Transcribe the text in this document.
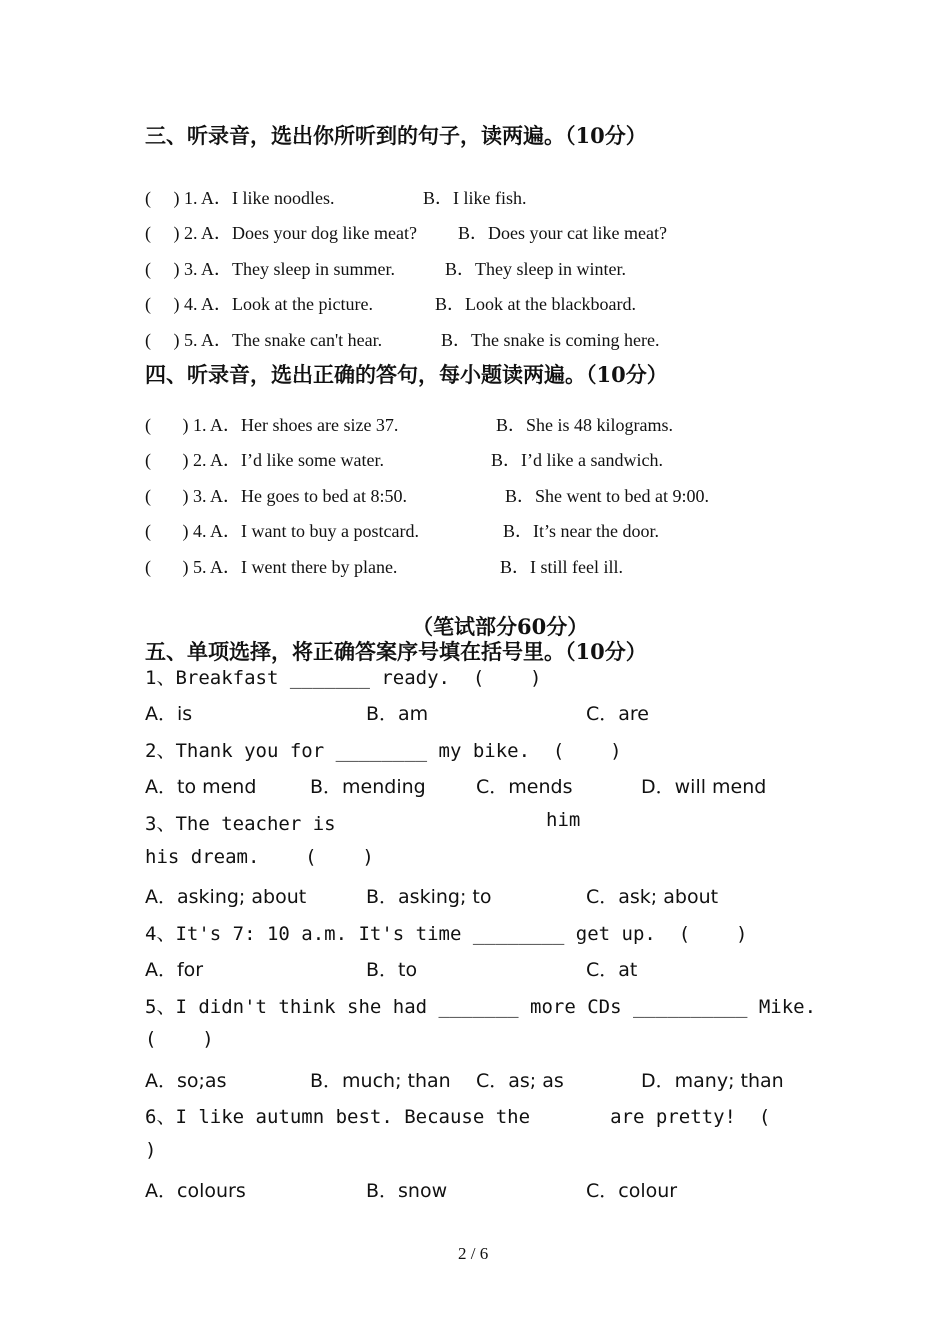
三、听录音，选出你所听到的句子，读两遍。（10分）
(     ) 1. A．I like noodles.	B．I like fish.
(     ) 2. A．Does your dog like meat? B．Does your cat like meat?
(     ) 3. A．They sleep in summer.	B．They sleep in winter.
(     ) 4. A．Look at the picture.	B．Look at the blackboard.
(     ) 5. A．The snake can't hear.	B．The snake is coming here.
四、听录音，选出正确的答句，每小题读两遍。（10分）
(       ) 1. A．Her shoes are size 37.	B．She is 48 kilograms.
(       ) 2. A．I’d like some water.	B．I’d like a sandwich.
(       ) 3. A．He goes to bed at 8:50.	B．She went to bed at 9:00.
(       ) 4. A．I want to buy a postcard.	B．It’s near the door.
(       ) 5. A．I went there by plane.	B．I still feel ill.
（笔试部分60分）
五、单项选择，将正确答案序号填在括号里。（10分）
1、Breakfast _______ ready.  (    )
A．is	B．am	C．are
2、Thank you for ________ my bike.  (    )
A．to mend	B．mending	C．mends	D．will mend
3、The teacher is	him
his dream.    (    )
A．asking; about	B．asking; to	C．ask; about
4、It's 7: 10 a.m. It's time ________ get up.  (    )
A．for	B．to	C．at
5、I didn't think she had _______ more CDs __________ Mike.
(    )
A．so;as	B．much; than C．as; as	D．many; than
6、I like autumn best. Because the       are pretty!  (
)
A．colours	B．snow	C．colour
2 / 6
